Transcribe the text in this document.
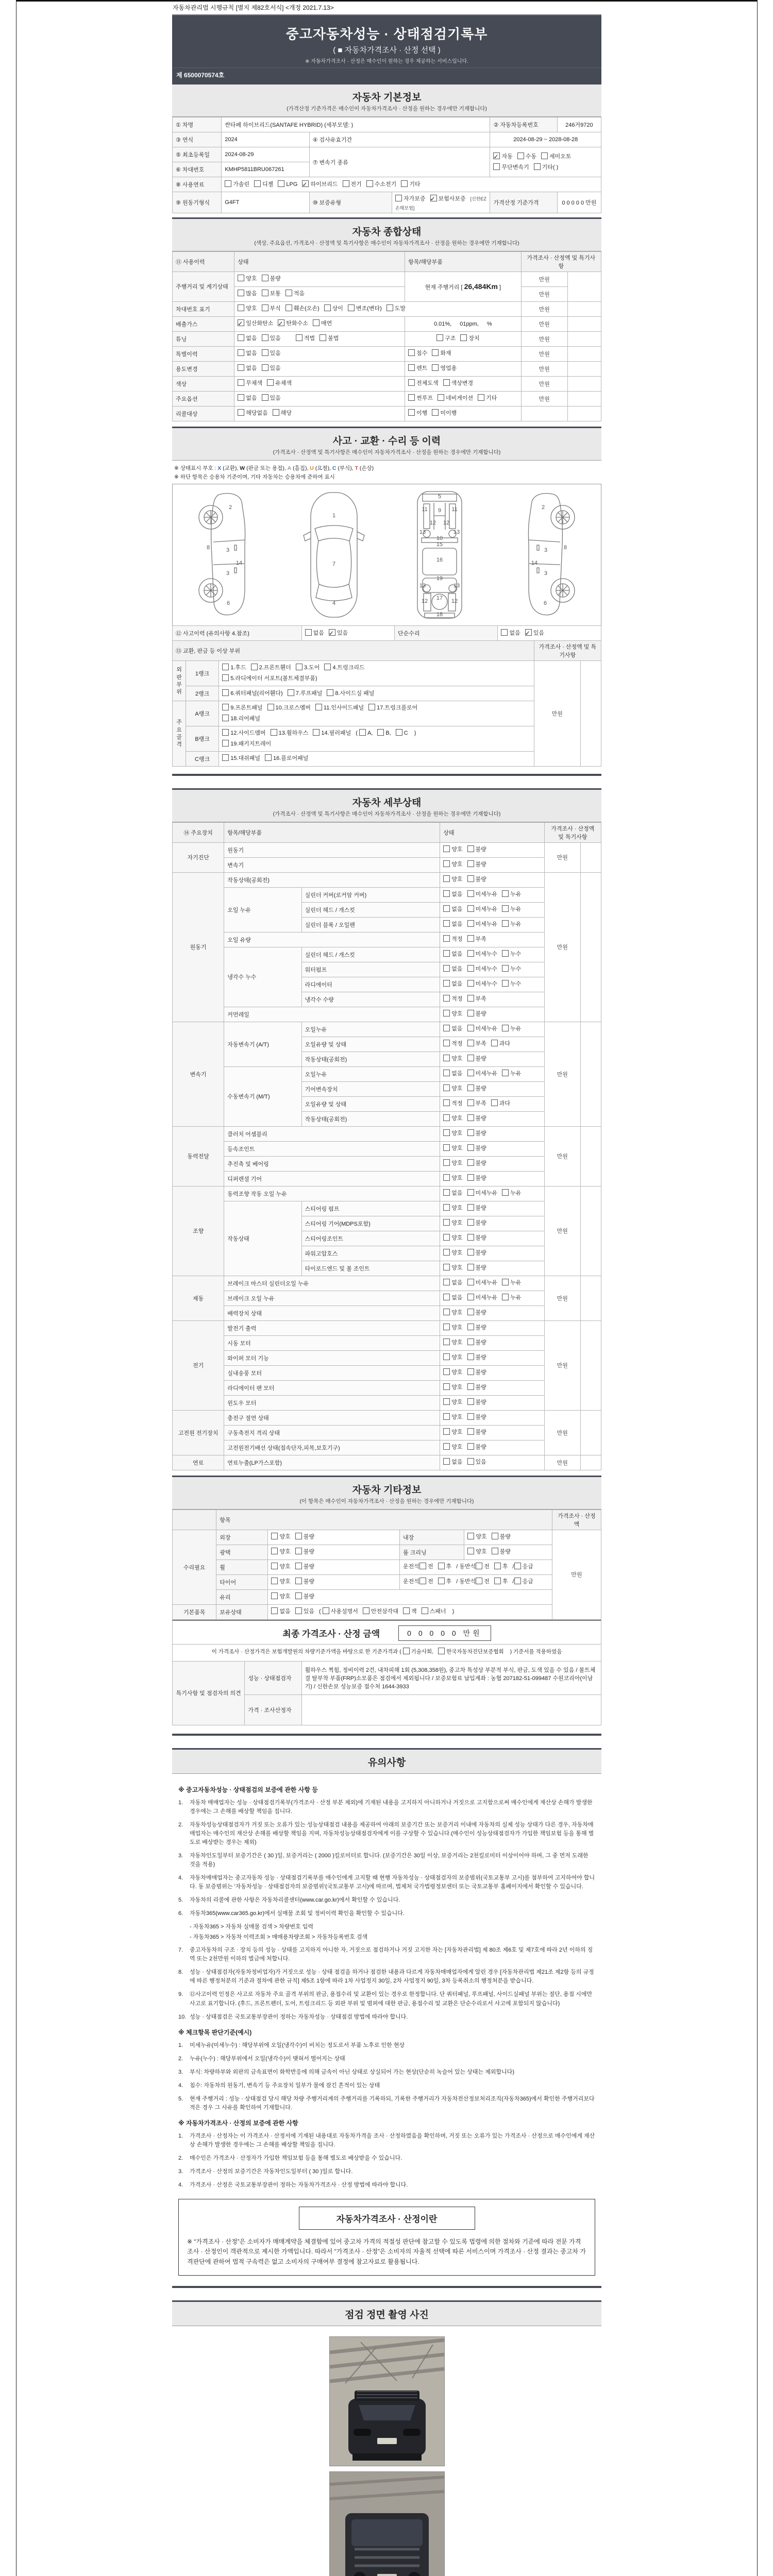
자동차관리법 시행규칙 [별지 제82호서식] <개정 2021.7.13>
중고자동차성능 · 상태점검기록부
( ■ 자동차가격조사 · 산정 선택 )
※ 자동차가격조사 · 산정은 매수인이 원하는 경우 제공하는 서비스입니다.
제 6500070574호
자동차 기본정보
(가격산정 기준가격은 매수인이 자동차가격조사 · 산정을 원하는 경우에만 기재합니다)
① 차명	싼타페 하이브리드(SANTAFE HYBRID) (세부모델: )			② 자동차등록번호	246거9720
③ 연식	2024	④ 검사유효기간		2024-08-29 ~ 2028-08-28	
⑤ 최초등록일	2024-08-29	⑦ 변속기 종류	✓자동 수동 세미오토
무단변속기 기타( )
⑥ 차대번호	KMHP5811BRU067261				
⑧ 사용연료	가솔린 디젤 LPG ✓ 하이브리드 전기 수소전기 기타
⑨ 원동기형식	G4FT	⑩ 보증유형	자가보증 ✓ 보험사보증 [신한EZ손해보험]	가격산정 기준가격	0 0 0 0 0 만원
자동차 종합상태
(색상, 주요옵션, 가격조사 · 산정액 및 특기사항은 매수인이 자동차가격조사 · 산정을 원하는 경우에만 기재합니다)
⑪ 사용이력	상태	항목/해당부품	가격조사 · 산정액 및 특기사항	
주행거리 및 계기상태	양호 불량	현재 주행거리 [ 26,484Km ]	만원	
	많음 보통 적음		만원	
차대번호 표기	양호 부식 훼손(오손) 상이 변조(변타) 도말		만원	
배출가스	✓일산화탄소 ✓ 탄화수소 매연	0.01%, 01ppm, %	만원	
튜닝	없음 있음 적법 불법	구조 장치	만원	
특별이력	없음 있음	침수 화재	만원	
용도변경	없음 있음	렌트 영업용	만원	
색상	무채색 유채색	전체도색 색상변경	만원	
주요옵션	없음 있음	썬루프 네비게이션 기타	만원	
리콜대상	해당없음 해당	이행 미이행		
사고 · 교환 · 수리 등 이력
(가격조사 · 산정액 및 특기사항은 매수인이 자동차가격조사 · 산정을 원하는 경우에만 기재합니다)
※ 상태표시 부호 : X (교환), W (판금 또는 용접), A (흠집), U (요철), C (부식), T (손상)
※ 하단 항목은 승용차 기준이며, 기타 자동차는 승용차에 준하여 표시
2
8	3
3
14
6
1
7
4
5
11 9 11
12 12
13	13
10
15
16
19
13	13
17
12	12
18
2
8
3
3
14
6
⑫ 사고이력 (유의사항 4.참조)	없음 ✓ 있음	단순수리	없음 ✓ 있음
⑬ 교환, 판금 등 이상 부위			가격조사 · 산정액 및 특기사항	
외판부위	1랭크	1.후드 2.프론트휀더 3.도어 4.트렁크리드
5.라디에이터 서포트(볼트체결부품)	만원	
	2랭크	6.쿼터패널(리어휀다) 7.루프패널 8.사이드실 패널		
주요골격	A랭크	9.프론트패널 10.크로스멤버 11.인사이드패널 17.트렁크플로어
18.리어패널		
	B랭크	12.사이드멤버 13.휠하우스 14.필러패널 ( A, B, C )
19.패키지트레이		
	C랭크	15.대쉬패널 16.플로어패널		
자동차 세부상태
(가격조사 · 산정액 및 특기사항은 매수인이 자동차가격조사 · 산정을 원하는 경우에만 기재합니다)
⑭ 주요장치	항목/해당부품		상태	가격조사 · 산정액 및 특기사항	
자기진단	원동기		양호 불량	만원	
	변속기		양호 불량		
원동기	작동상태(공회전)		양호 불량	만원	
	오일 누유	실린더 커버(로커암 커버)	없음 미세누유 누유		
		실린더 헤드 / 개스킷	없음 미세누유 누유		
		실린더 블록 / 오일팬	없음 미세누유 누유		
	오일 유량		적정 부족		
	냉각수 누수	실린더 헤드 / 개스킷	없음 미세누수 누수		
		워터펌프	없음 미세누수 누수		
		라디에이터	없음 미세누수 누수		
		냉각수 수량	적정 부족		
	커먼레일		양호 불량		
변속기	자동변속기 (A/T)	오일누유	없음 미세누유 누유	만원	
		오일유량 및 상태	적정 부족 과다		
		작동상태(공회전)	양호 불량		
	수동변속기 (M/T)	오일누유	없음 미세누유 누유		
		기어변속장치	양호 불량		
		오일유량 및 상태	적정 부족 과다		
		작동상태(공회전)	양호 불량		
동력전달	클러치 어셈블리		양호 불량	만원	
	등속조인트		양호 불량		
	추진축 및 베어링		양호 불량		
	디퍼렌셜 기어		양호 불량		
조향	동력조향 작동 오일 누유		없음 미세누유 누유	만원	
	작동상태	스티어링 펌프	양호 불량		
		스티어링 기어(MDPS포함)	양호 불량		
		스티어링조인트	양호 불량		
		파워고압호스	양호 불량		
		타이로드엔드 및 볼 조인트	양호 불량		
제동	브레이크 마스터 실린더오일 누유		없음 미세누유 누유	만원	
	브레이크 오일 누유		없음 미세누유 누유		
	배력장치 상태		양호 불량		
전기	발전기 출력		양호 불량	만원	
	시동 모터		양호 불량		
	와이퍼 모터 기능		양호 불량		
	실내송풍 모터		양호 불량		
	라디에이터 팬 모터		양호 불량		
	윈도우 모터		양호 불량		
고전원 전기장치	충전구 절연 상태		양호 불량	만원	
	구동축전지 격리 상태		양호 불량		
	고전원전기배선 상태(접속단자,피복,보호기구)		양호 불량		
연료	연료누출(LP가스포함)		없음 있음	만원	
자동차 기타정보
(이 항목은 매수인이 자동차가격조사 · 산정을 원하는 경우에만 기재합니다)
	항목				가격조사 · 산정액
수리필요	외장	양호 불량	내장	양호 불량	만원
	광택	양호 불량	룸 크리닝	양호 불량	
	휠	양호 불량	운전석 전 후 / 동반석 전 후 / 응급		
	타이어	양호 불량	운전석 전 후 / 동반석 전 후 / 응급		
	유리	양호 불량			
기본품목	보유상태	없음 있음 ( 사용설명서 안전삼각대 잭 스패너 )			
최종 가격조사 · 산정 금액	0 0 0 0 0 만원
이 가격조사 · 산정가격은 보험개발원의 차량기준가액을 바탕으로 한 기준가격과 ( 기술사회, 한국자동차진단보증협회 ) 기준서를 적용하였음
특기사항 및 점검자의 의견	성능 · 상태점검자	휠하우스 찍힘, 정비이력 2건, 내차피해 1회 (5,308,358원), 중고차 특성상 부분적 부식, 판금, 도색 있을 수 있음 / 볼트체결 탈부착 부품(FRP)소모품은 점검에서 제외됩니다 / 보증보험료 납입계좌 : 농협 207182-51-099487 수원코리아(이남기) / 신한손보 성능보증 접수처 1644-3933
	가격 · 조사산정자	
유의사항
※ 중고자동차성능 · 상태점검의 보증에 관한 사항 등
1.	자동차 매매업자는 성능 · 상태점검기록부(가격조사 · 산정 부분 제외)에 기재된 내용을 고지하지 아니하거나 거짓으로 고지함으로써 매수인에게 재산상 손해가 발생한 경우에는 그 손해를 배상할 책임을 집니다.
2.	자동차성능상태점검자가 거짓 또는 오류가 있는 성능상태점검 내용을 제공하여 아래의 보증기간 또는 보증거리 이내에 자동차의 실제 성능 상태가 다른 경우, 자동차매매업자는 매수인의 재산상 손해를 배상할 책임을 지며, 자동차성능상태점검자에게 이를 구상할 수 있습니다.(매수인이 성능상태점검자가 가입한 책임보험 등을 통해 별도로 배상받는 경우는 제외)
3.	자동차인도일부터 보증기간은 ( 30 )일, 보증거리는 ( 2000 )킬로미터로 합니다. (보증기간은 30일 이상, 보증거리는 2천킬로미터 이상이어야 하며, 그 중 먼저 도래한 것을 적용)
4.	자동차매매업자는 중고자동차 성능 · 상태점검기록부를 매수인에게 고지할 때 현행 자동차성능 · 상태점검자의 보증범위(국토교통부 고시)를 첨부하여 고지하여야 합니다. 동 보증범위는 '자동차성능 · 상태점검자의 보증범위'(국토교통부 고시)에 따르며, 법제처 국가법령정보센터 또는 국토교통부 홈페이지에서 확인할 수 있습니다.
5.	자동차의 리콜에 관한 사항은 자동차리콜센터(www.car.go.kr)에서 확인할 수 있습니다.
6.	자동차365(www.car365.go.kr)에서 실매물 조회 및 정비이력 확인을 확인할 수 있습니다.
- 자동차365 > 자동차 실매물 검색 > 차량번호 입력
- 자동차365 > 자동차 이력조회 > 매매용차량조회 > 자동차등록번호 검색
7.	중고자동차의 구조 · 장치 등의 성능 · 상태를 고지하지 아니한 자, 거짓으로 점검하거나 거짓 고지한 자는 [자동차관리법] 제 80조 제6호 및 제7호에 따라 2년 이하의 징역 또는 2천만원 이하의 벌금에 처합니다.
8.	성능 · 상태점검자(자동차정비업자)가 거짓으로 성능 · 상태 점검을 하거나 점검한 내용과 다르게 자동차매매업자에게 알린 경우 [자동차관리법 제21조 제2항 등의 규정에 따른 행정처분의 기준과 절차에 관한 규칙] 제5조 1항에 따라 1차 사업정지 30일, 2차 사업정지 90일, 3차 등록취소의 행정처분을 받습니다.
9.	⑫사고이력 인정은 사고로 자동차 주요 골격 부위의 판금, 용접수리 및 교환이 있는 경우로 한정합니다. 단 쿼터패널, 루프패널, 사이드실패널 부위는 절단, 용접 시에만 사고로 표기합니다. (후드, 프론트펜더, 도어, 트렁크리드 등 외판 부위 및 범퍼에 대한 판금, 용접수리 및 교환은 단순수리로서 사고에 포함되지 않습니다)
10. 성능 · 상태점검은 국토교통부장관이 정하는 자동차성능 · 상태점검 방법에 따라야 합니다.
※ 체크항목 판단기준(예시)
1.	미세누유(미세누수) : 해당부위에 오일(냉각수)이 비치는 정도로서 부품 노후로 인한 현상
2.	누유(누수) : 해당부위에서 오일(냉각수)이 맺혀서 떨어지는 상태
3.	부식: 차량하부와 외판의 금속표면이 화학반응에 의해 금속이 아닌 상태로 상실되어 가는 현상(단순히 녹슬어 있는 상태는 제외합니다)
4.	침수: 자동차의 원동기, 변속기 등 주요장치 일부가 물에 잠긴 흔적이 있는 상태
5.	현재 주행거리 : 성능 · 상태점검 당시 해당 차량 주행거리계의 주행거리를 기록하되, 기록한 주행거리가 자동차전산정보처리조직(자동차365)에서 확인한 주행거리보다 적은 경우 그 사유를 확인하여 기재합니다.
※ 자동차가격조사 · 산정의 보증에 관한 사항
1.	가격조사 · 산정자는 이 가격조사 · 산정서에 기재된 내용대로 자동차가격을 조사 · 산정하였음을 확인하며, 거짓 또는 오류가 있는 가격조사 · 산정으로 매수인에게 재산상 손해가 발생한 경우에는 그 손해를 배상할 책임을 집니다.
2.	매수인은 가격조사 · 산정자가 가입한 책임보험 등을 통해 별도로 배상받을 수 있습니다.
3.	가격조사 · 산정의 보증기간은 자동차인도일부터 ( 30 )일로 합니다.
4.	가격조사 · 산정은 국토교통부장관이 정하는 자동차가격조사 · 산정 방법에 따라야 합니다.
자동차가격조사 · 산정이란
※ “가격조사 · 산정”은 소비자가 매매계약을 체결함에 있어 중고차 가격의 적절성 판단에 참고할 수 있도록 법령에 의한 절차와 기준에 따라 전문 가격조사 · 산정인이 객관적으로 제시한 가액입니다. 따라서 “가격조사 · 산정”은 소비자의 자율적 선택에 따른 서비스이며 가격조사 · 산정 결과는 중고차 가격판단에 관하여 법적 구속력은 없고 소비자의 구매여부 결정에 참고자료로 활용됩니다.
점검 정면 촬영 사진
